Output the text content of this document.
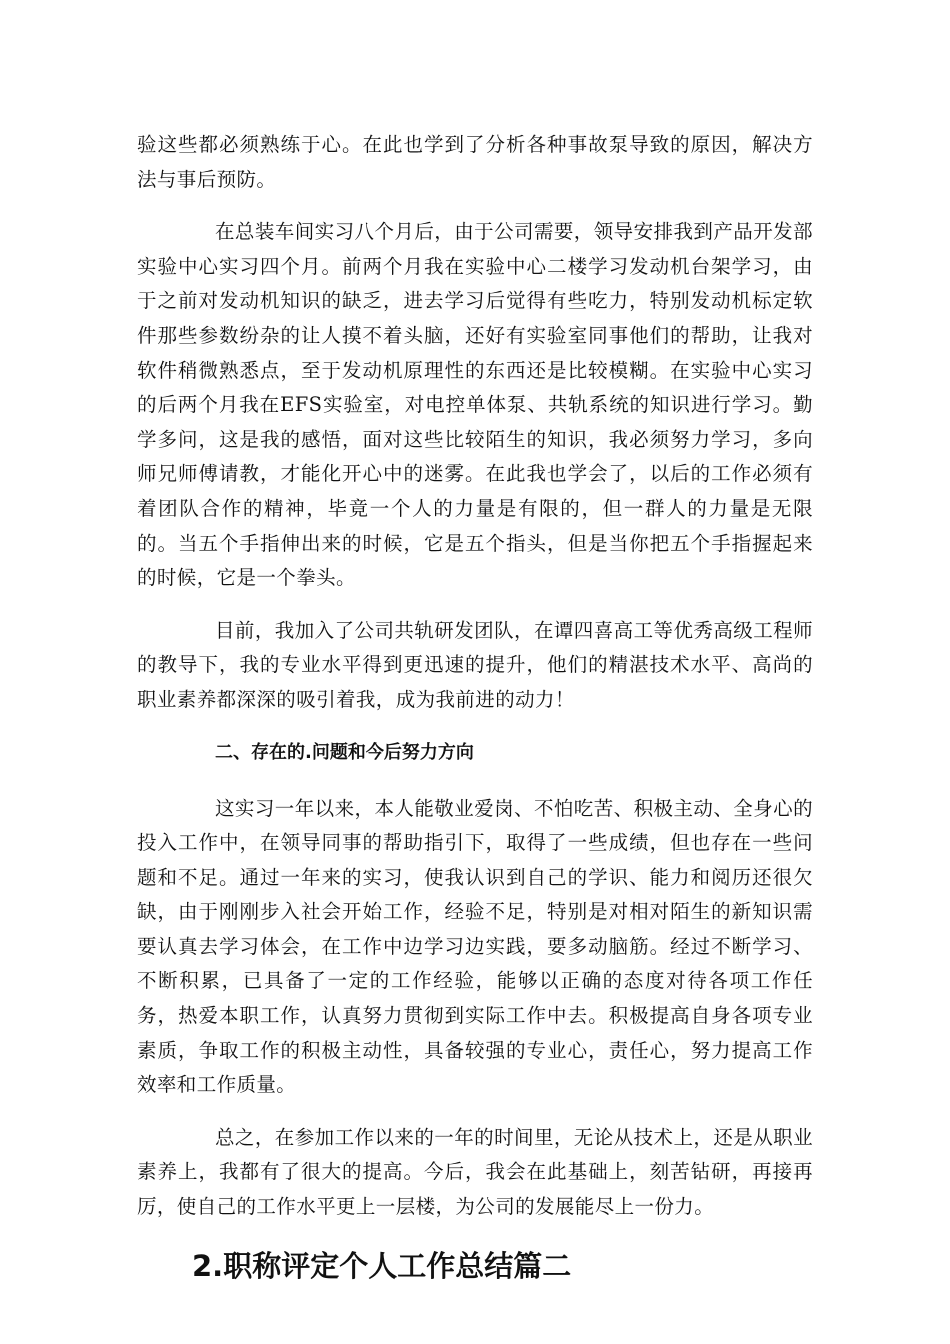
验这些都必须熟练于心。在此也学到了分析各种事故泵导致的原因，解决方法与事后预防。

在总装车间实习八个月后，由于公司需要，领导安排我到产品开发部实验中心实习四个月。前两个月我在实验中心二楼学习发动机台架学习，由于之前对发动机知识的缺乏，进去学习后觉得有些吃力，特别发动机标定软件那些参数纷杂的让人摸不着头脑，还好有实验室同事他们的帮助，让我对软件稍微熟悉点，至于发动机原理性的东西还是比较模糊。在实验中心实习的后两个月我在EFS实验室，对电控单体泵、共轨系统的知识进行学习。勤学多问，这是我的感悟，面对这些比较陌生的知识，我必须努力学习，多向师兄师傅请教，才能化开心中的迷雾。在此我也学会了，以后的工作必须有着团队合作的精神，毕竟一个人的力量是有限的，但一群人的力量是无限的。当五个手指伸出来的时候，它是五个指头，但是当你把五个手指握起来的时候，它是一个拳头。

目前，我加入了公司共轨研发团队，在谭四喜高工等优秀高级工程师的教导下，我的专业水平得到更迅速的提升，他们的精湛技术水平、高尚的职业素养都深深的吸引着我，成为我前进的动力！

二、存在的.问题和今后努力方向

这实习一年以来，本人能敬业爱岗、不怕吃苦、积极主动、全身心的投入工作中，在领导同事的帮助指引下，取得了一些成绩，但也存在一些问题和不足。通过一年来的实习，使我认识到自己的学识、能力和阅历还很欠缺，由于刚刚步入社会开始工作，经验不足，特别是对相对陌生的新知识需要认真去学习体会，在工作中边学习边实践，要多动脑筋。经过不断学习、不断积累，已具备了一定的工作经验，能够以正确的态度对待各项工作任务，热爱本职工作，认真努力贯彻到实际工作中去。积极提高自身各项专业素质，争取工作的积极主动性，具备较强的专业心，责任心，努力提高工作效率和工作质量。

总之，在参加工作以来的一年的时间里，无论从技术上，还是从职业素养上，我都有了很大的提高。今后，我会在此基础上，刻苦钻研，再接再厉，使自己的工作水平更上一层楼，为公司的发展能尽上一份力。

2.职称评定个人工作总结篇二
